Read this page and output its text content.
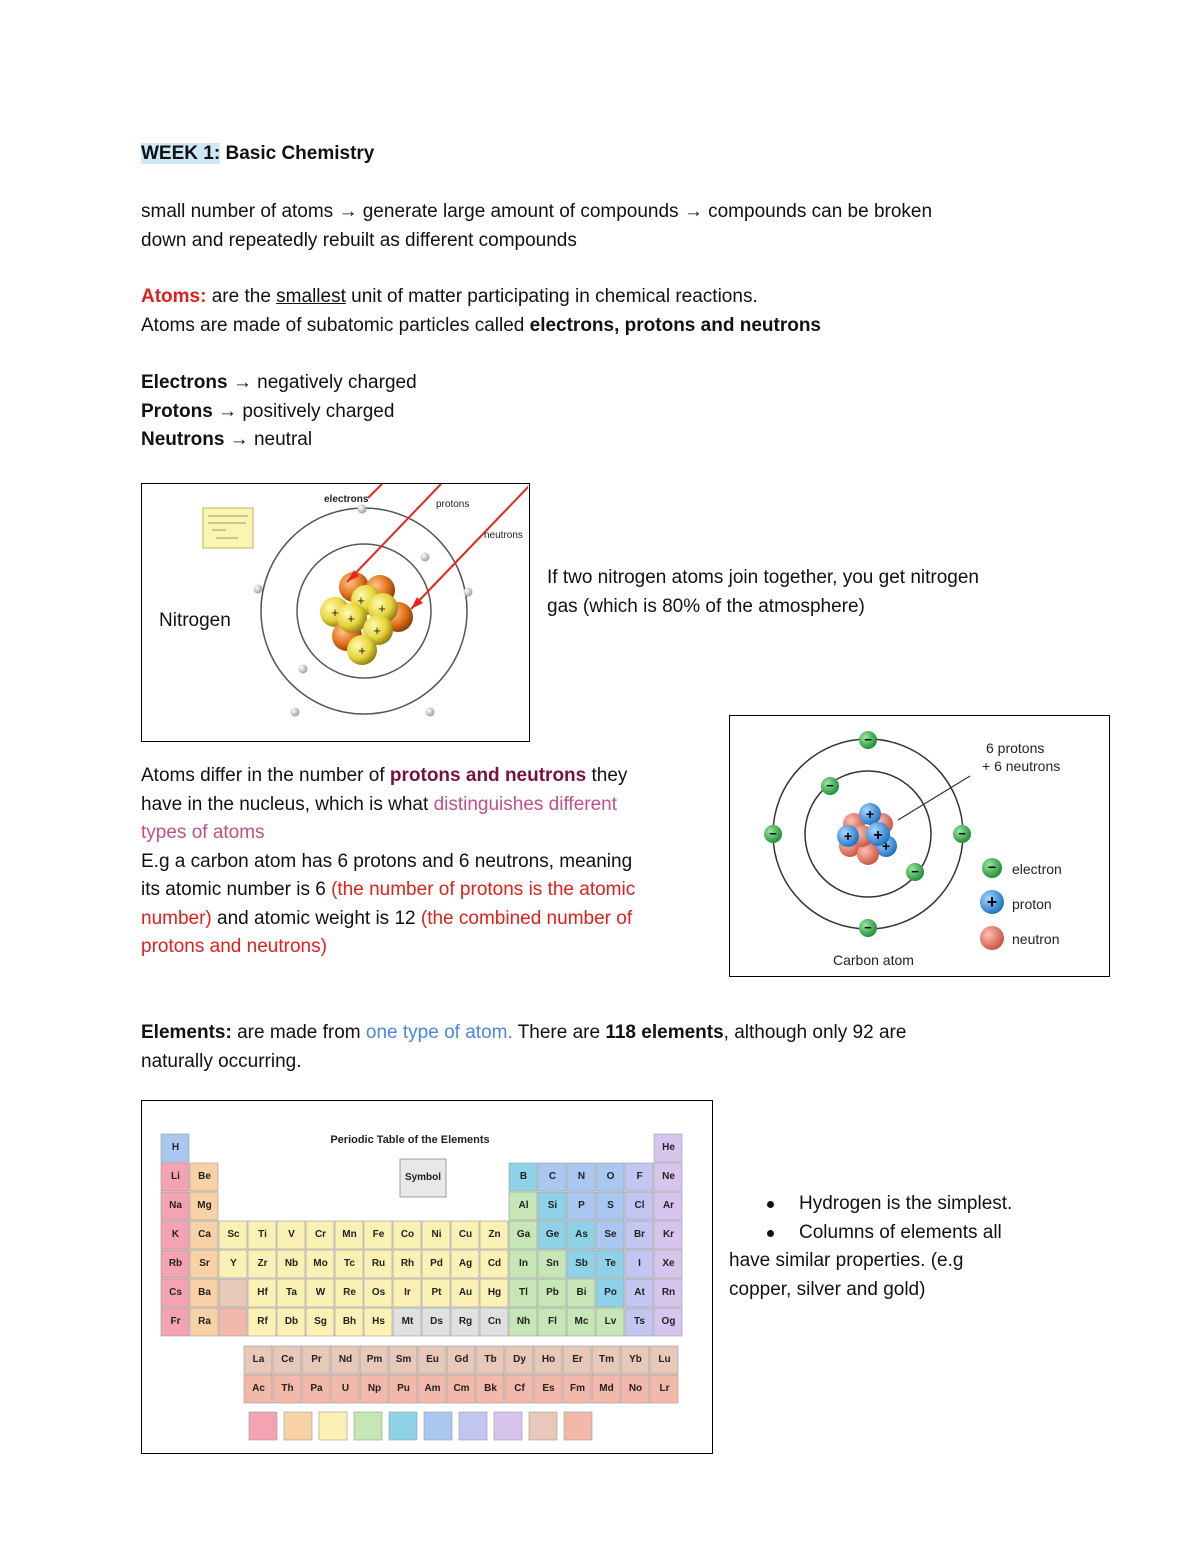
WEEK 1: Basic Chemistry
small number of atoms → generate large amount of compounds → compounds can be broken
down and repeatedly rebuilt as different compounds
Atoms: are the smallest unit of matter participating in chemical reactions.
Atoms are made of subatomic particles called electrons, protons and neutrons
Electrons → negatively charged
Protons → positively charged
Neutrons → neutral
Nitrogen
+
+
+ +
+
+
electrons	protons
neutrons
If two nitrogen atoms join together, you get nitrogen
gas (which is 80% of the atmosphere)
+
+ +
+
−
−
−	−
−
−
6 protons
+ 6 neutrons
− electron
+ proton
neutron
Carbon atom
Atoms differ in the number of protons and neutrons they
have in the nucleus, which is what distinguishes different
types of atoms
E.g a carbon atom has 6 protons and 6 neutrons, meaning
its atomic number is 6 (the number of protons is the atomic
number) and atomic weight is 12 (the combined number of
protons and neutrons)
Elements: are made from one type of atom. There are 118 elements, although only 92 are
naturally occurring.
Periodic Table of the Elements
Symbol
H	He
Li Be	B C N O F Ne
Na Mg	Al Si P S Cl Ar
K Ca Sc Ti V Cr Mn Fe Co Ni Cu Zn Ga Ge As Se Br Kr
Rb Sr Y Zr Nb Mo Tc Ru Rh Pd Ag Cd In Sn Sb Te I Xe
Cs Ba	Hf Ta W Re Os Ir Pt Au Hg Tl Pb Bi Po At Rn
Fr Ra	Rf Db Sg Bh Hs Mt Ds Rg Cn Nh Fl Mc Lv Ts Og
La Ce Pr Nd Pm Sm Eu Gd Tb Dy Ho Er Tm Yb Lu
Ac Th Pa U Np Pu Am Cm Bk Cf Es Fm Md No Lr
Hydrogen is the simplest.
Columns of elements all
have similar properties. (e.g
copper, silver and gold)
